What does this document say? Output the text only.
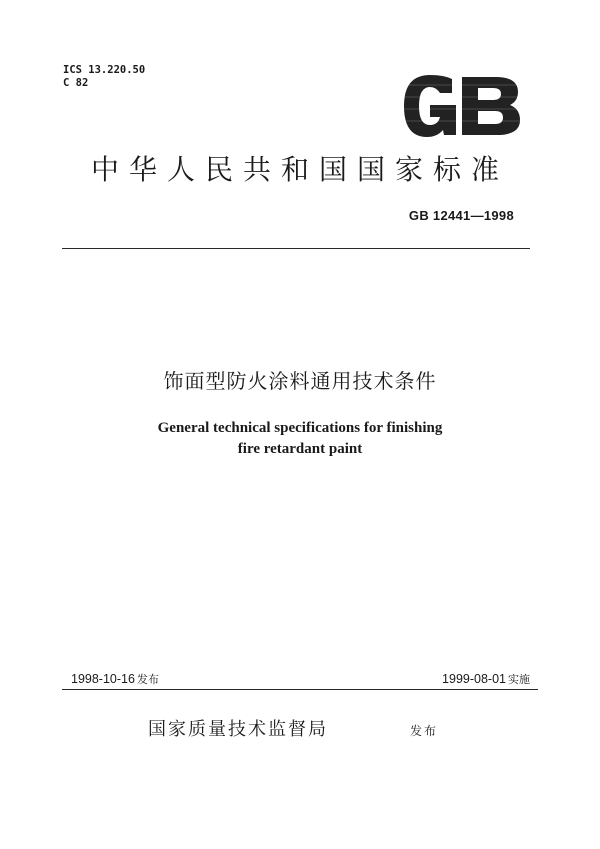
ICS 13.220.50
C 82
中华人民共和国国家标准
GB 12441—1998
饰面型防火涂料通用技术条件
General technical specifications for finishing
fire retardant paint
1998-10-16 发布	1999-08-01 实施
国家质量技术监督局	发布
